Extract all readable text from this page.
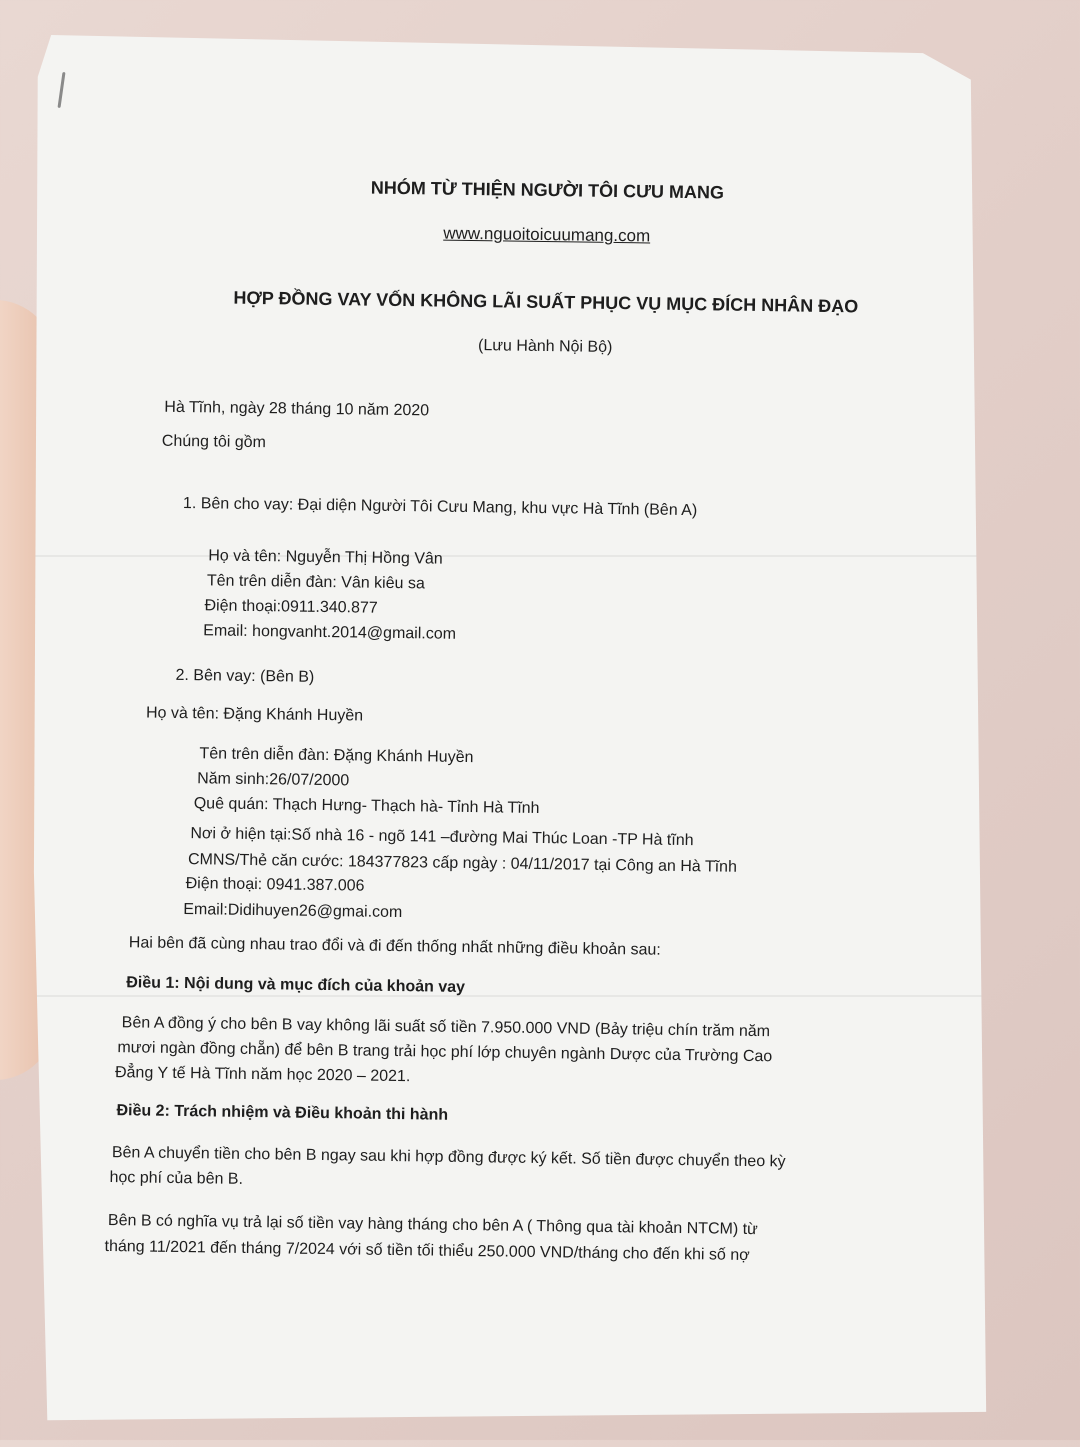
NHÓM TỪ THIỆN NGƯỜI TÔI CƯU MANG
www.nguoitoicuumang.com
HỢP ĐỒNG VAY VỐN KHÔNG LÃI SUẤT PHỤC VỤ MỤC ĐÍCH NHÂN ĐẠO
(Lưu Hành Nội Bộ)
Hà Tĩnh, ngày 28 tháng 10 năm 2020
Chúng tôi gồm
1. Bên cho vay: Đại diện Người Tôi Cưu Mang, khu vực Hà Tĩnh (Bên A)
Họ và tên: Nguyễn Thị Hồng Vân
Tên trên diễn đàn: Vân kiêu sa
Điện thoại:0911.340.877
Email: hongvanht.2014@gmail.com
2. Bên vay: (Bên B)
Họ và tên: Đặng Khánh Huyền
Tên trên diễn đàn: Đặng Khánh Huyền
Năm sinh:26/07/2000
Quê quán: Thạch Hưng- Thạch hà- Tỉnh Hà Tĩnh
Nơi ở hiện tại:Số nhà 16 - ngõ 141 –đường Mai Thúc Loan -TP Hà tĩnh
CMNS/Thẻ căn cước: 184377823 cấp ngày : 04/11/2017 tại Công an Hà Tĩnh
Điện thoại: 0941.387.006
Email:Didihuyen26@gmai.com
Hai bên đã cùng nhau trao đổi và đi đến thống nhất những điều khoản sau:
Điều 1: Nội dung và mục đích của khoản vay
Bên A đồng ý cho bên B vay không lãi suất số tiền 7.950.000 VND (Bảy triệu chín trăm năm
mươi ngàn đồng chẵn) để bên B trang trải học phí lớp chuyên ngành Dược của Trường Cao
Đẳng Y tế Hà Tĩnh năm học 2020 – 2021.
Điều 2: Trách nhiệm và Điều khoản thi hành
Bên A chuyển tiền cho bên B ngay sau khi hợp đồng được ký kết. Số tiền được chuyển theo kỳ
học phí của bên B.
Bên B có nghĩa vụ trả lại số tiền vay hàng tháng cho bên A ( Thông qua tài khoản NTCM) từ
tháng 11/2021 đến tháng 7/2024 với số tiền tối thiểu 250.000 VND/tháng cho đến khi số nợ
